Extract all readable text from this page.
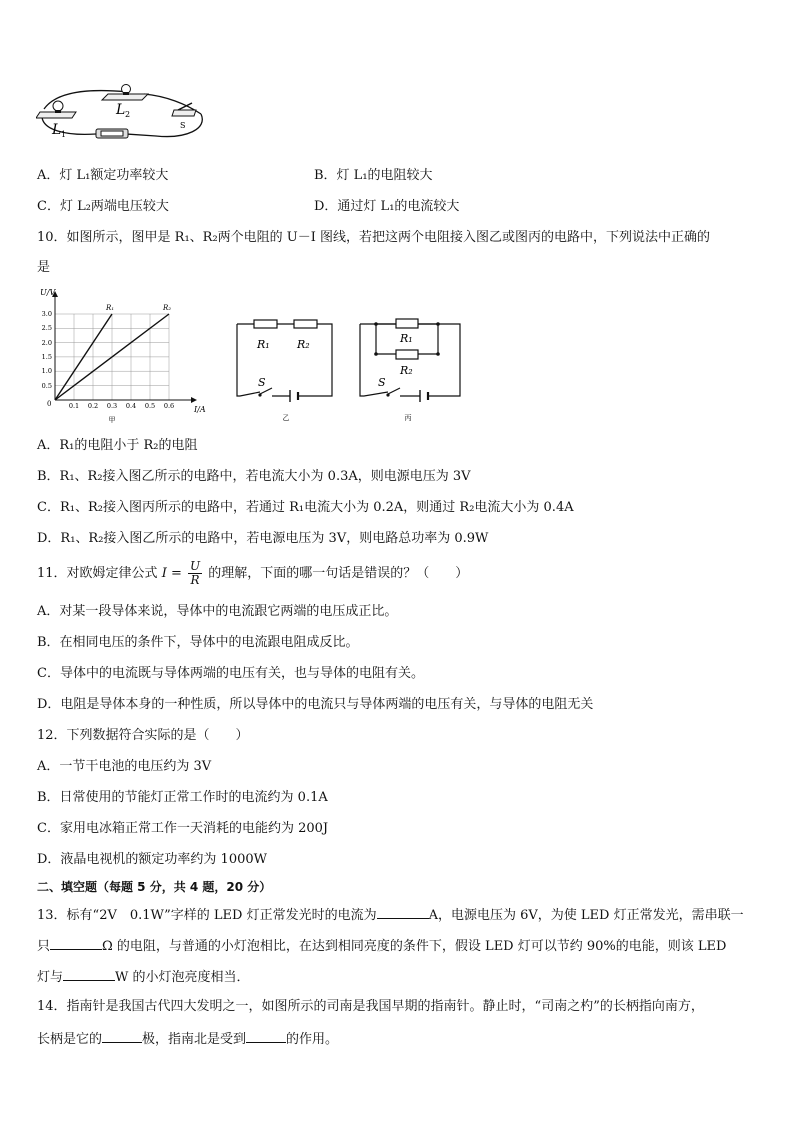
L 1
L 2
S
A．灯 L₁额定功率较大	B．灯 L₁的电阻较大
C．灯 L₂两端电压较大	D．通过灯 L₁的电流较大
10．如图所示，图甲是 R₁、R₂两个电阻的 U－I 图线，若把这两个电阻接入图乙或图丙的电路中，下列说法中正确的
是
U/V
I/A
0
R₁	R₂
3.0
2.5
2.0
1.5
1.0
0.5
0.1 0.2 0.3 0.4 0.5 0.6
甲
R₁ R₂
S
乙
R₁
R₂
S
丙
A．R₁的电阻小于 R₂的电阻
B．R₁、R₂接入图乙所示的电路中，若电流大小为 0.3A，则电源电压为 3V
C．R₁、R₂接入图丙所示的电路中，若通过 R₁电流大小为 0.2A，则通过 R₂电流大小为 0.4A
D．R₁、R₂接入图乙所示的电路中，若电源电压为 3V，则电路总功率为 0.9W
11．对欧姆定律公式 $I = \frac{U}{R}$ 的理解，下面的哪一句话是错误的？（　　）
A．对某一段导体来说，导体中的电流跟它两端的电压成正比。
B．在相同电压的条件下，导体中的电流跟电阻成反比。
C．导体中的电流既与导体两端的电压有关，也与导体的电阻有关。
D．电阻是导体本身的一种性质，所以导体中的电流只与导体两端的电压有关，与导体的电阻无关
12．下列数据符合实际的是（　　）
A．一节干电池的电压约为 3V
B．日常使用的节能灯正常工作时的电流约为 0.1A
C．家用电冰箱正常工作一天消耗的电能约为 200J
D．液晶电视机的额定功率约为 1000W
二、填空题（每题 5 分，共 4 题，20 分）
13．标有“2V　0.1W”字样的 LED 灯正常发光时的电流为	A，电源电压为 6V，为使 LED 灯正常发光，需串联一
只	Ω 的电阻，与普通的小灯泡相比，在达到相同亮度的条件下，假设 LED 灯可以节约 90%的电能，则该 LED
灯与	W 的小灯泡亮度相当．
14．指南针是我国古代四大发明之一，如图所示的司南是我国早期的指南针。静止时，“司南之杓”的长柄指向南方，
长柄是它的	极，指南北是受到	的作用。
